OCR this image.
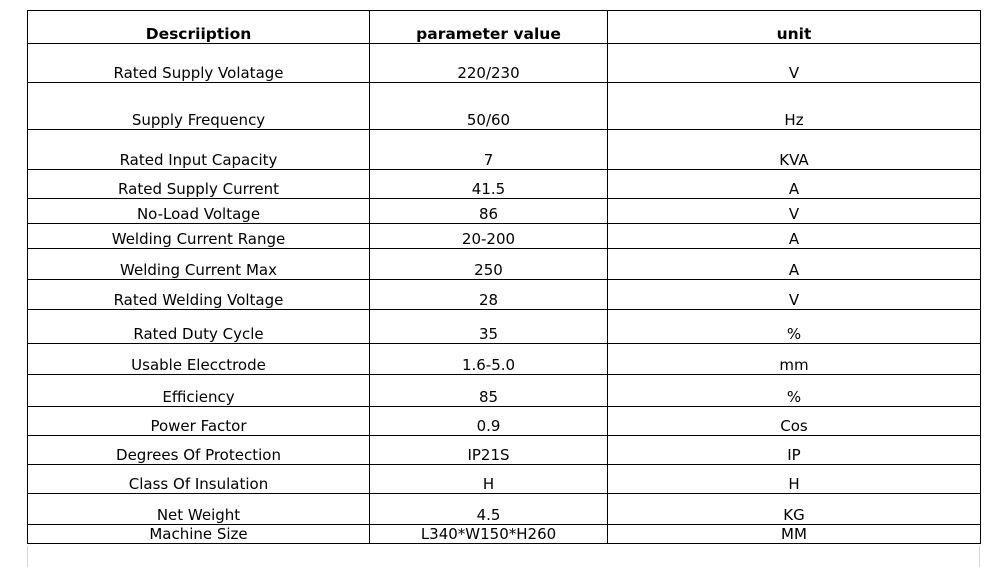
Descriiption	parameter value	unit
Rated Supply Volatage	220/230	V
Supply Frequency	50/60	Hz
Rated Input Capacity	7	KVA
Rated Supply Current	41.5	A
No-Load Voltage	86	V
Welding Current Range	20-200	A
Welding Current Max	250	A
Rated Welding Voltage	28	V
Rated Duty Cycle	35	%
Usable Elecctrode	1.6-5.0	mm
Efficiency	85	%
Power Factor	0.9	Cos
Degrees Of Protection	IP21S	IP
Class Of Insulation	H	H
Net Weight	4.5	KG
Machine Size	L340*W150*H260	MM
